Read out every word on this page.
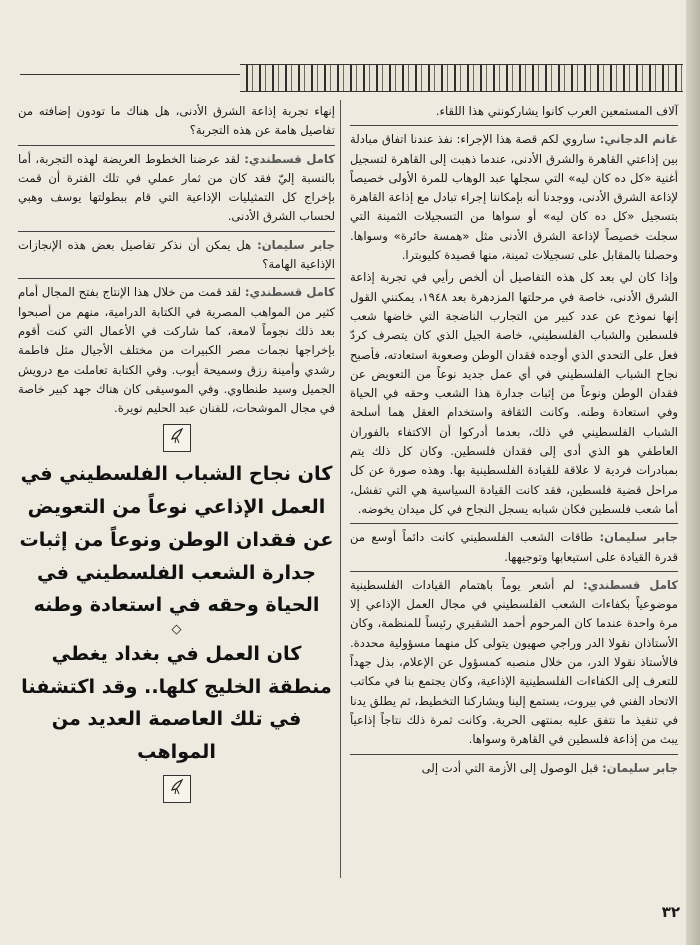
آلاف المستمعين العرب كانوا يشاركونني هذا اللقاء.

غانم الدجاني: ساروي لكم قصة هذا الإجراء: نفذ عندنا اتفاق مبادلة بين إذاعتي القاهرة والشرق الأدنى، عندما ذهبت إلى القاهرة لتسجيل أغنية «كل ده كان ليه» التي سجلها عبد الوهاب للمرة الأولى خصيصاً لإذاعة الشرق الأدنى، ووجدنا أنه بإمكاننا إجراء تبادل مع إذاعة القاهرة بتسجيل «كل ده كان ليه» أو سواها من التسجيلات الثمينة التي سجلت خصيصاً لإذاعة الشرق الأدنى مثل «همسة حائرة» وسواها. وحصلنا بالمقابل على تسجيلات ثمينة، منها قصيدة كليوبترا.

وإذا كان لي بعد كل هذه التفاصيل أن ألخص رأيي في تجربة إذاعة الشرق الأدنى، خاصة في مرحلتها المزدهرة بعد ١٩٤٨، يمكنني القول إنها نموذج عن عدد كبير من التجارب الناضجة التي خاضها شعب فلسطين والشباب الفلسطيني، خاصة الجيل الذي كان يتصرف كردّ فعل على التحدي الذي أوجده فقدان الوطن وصعوبة استعادته، فأصبح نجاح الشباب الفلسطيني في أي عمل جديد نوعاً من التعويض عن فقدان الوطن ونوعاً من إثبات جدارة هذا الشعب وحقه في الحياة وفي استعادة وطنه. وكانت الثقافة واستخدام العقل هما أسلحة الشباب الفلسطيني في ذلك، بعدما أدركوا أن الاكتفاء بالفوران العاطفي هو الذي أدى إلى فقدان فلسطين. وكان كل ذلك يتم بمبادرات فردية لا علاقة للقيادة الفلسطينية بها. وهذه صورة عن كل مراحل قضية فلسطين، فقد كانت القيادة السياسية هي التي تفشل، أما شعب فلسطين فكان شبابه يسجل النجاح في كل ميدان يخوضه.

جابر سليمان: طاقات الشعب الفلسطيني كانت دائماً أوسع من قدرة القيادة على استيعابها وتوجيهها.

كامل قسطندي: لم أشعر يوماً باهتمام القيادات الفلسطينية موضوعياً بكفاءات الشعب الفلسطيني في مجال العمل الإذاعي إلا مرة واحدة عندما كان المرحوم أحمد الشقيري رئيساً للمنظمة، وكان الأستاذان نقولا الدر وراجي صهيون يتولى كل منهما مسؤولية محددة. فالأستاذ نقولا الدر، من خلال منصبه كمسؤول عن الإعلام، بذل جهداً للتعرف إلى الكفاءات الفلسطينية الإذاعية، وكان يجتمع بنا في مكاتب الاتحاد الفني في بيروت، يستمع إلينا ويشاركنا التخطيط، ثم يطلق يدنا في تنفيذ ما نتفق عليه بمنتهى الحرية. وكانت ثمرة ذلك نتاجاً إذاعياً يبث من إذاعة فلسطين في القاهرة وسواها.

جابر سليمان: قبل الوصول إلى الأزمة التي أدت إلى

إنهاء تجربة إذاعة الشرق الأدنى، هل هناك ما تودون إضافته من تفاصيل هامة عن هذه التجربة؟

كامل قسطندي: لقد عرضنا الخطوط العريضة لهذه التجربة، أما بالنسبة إليّ فقد كان من ثمار عملي في تلك الفترة أن قمت بإخراج كل التمثيليات الإذاعية التي قام ببطولتها يوسف وهبي لحساب الشرق الأدنى.

جابر سليمان: هل يمكن أن نذكر تفاصيل بعض هذه الإنجازات الإذاعية الهامة؟

كامل قسطندي: لقد قمت من خلال هذا الإنتاج بفتح المجال أمام كثير من المواهب المصرية في الكتابة الدرامية، منهم من أصبحوا بعد ذلك نجوماً لامعة، كما شاركت في الأعمال التي كنت أقوم بإخراجها نجمات مصر الكبيرات من مختلف الأجيال مثل فاطمة رشدي وأمينة رزق وسميحة أيوب. وفي الكتابة تعاملت مع درويش الجميل وسيد طنطاوي. وفي الموسيقى كان هناك جهد كبير خاصة في مجال الموشحات، للفنان عبد الحليم نويرة.

كان نجاح الشباب الفلسطيني في العمل الإذاعي نوعاً من التعويض عن فقدان الوطن ونوعاً من إثبات جدارة الشعب الفلسطيني في الحياة وحقه في استعادة وطنه
◇
كان العمل في بغداد يغطي منطقة الخليج كلها.. وقد اكتشفنا في تلك العاصمة العديد من المواهب
٣٢
